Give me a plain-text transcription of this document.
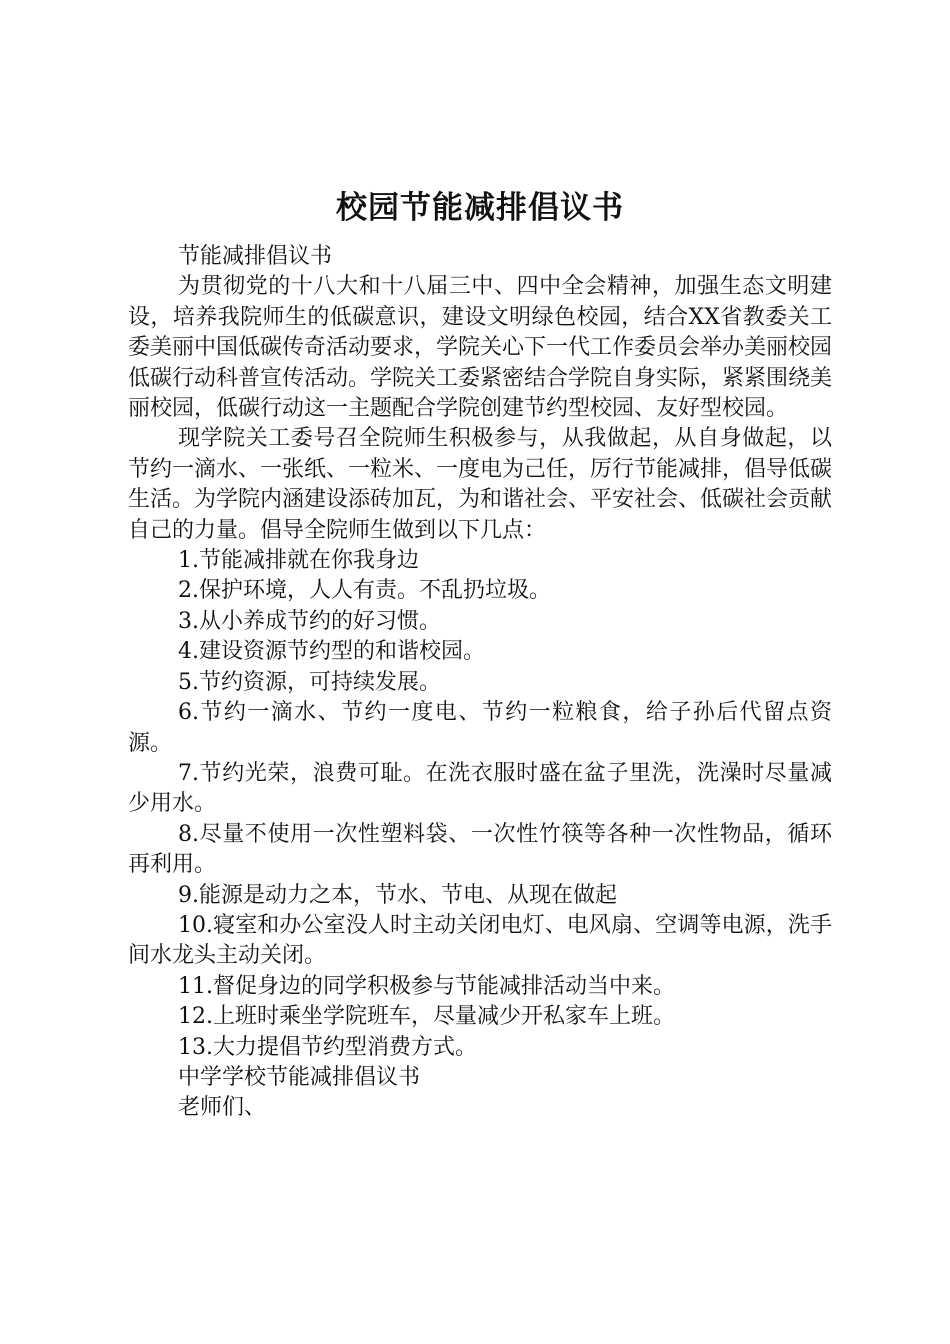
校园节能减排倡议书

节能减排倡议书

为贯彻党的十八大和十八届三中、四中全会精神，加强生态文明建设，培养我院师生的低碳意识，建设文明绿色校园，结合XX省教委关工委美丽中国低碳传奇活动要求，学院关心下一代工作委员会举办美丽校园低碳行动科普宣传活动。学院关工委紧密结合学院自身实际，紧紧围绕美丽校园，低碳行动这一主题配合学院创建节约型校园、友好型校园。

现学院关工委号召全院师生积极参与，从我做起，从自身做起，以节约一滴水、一张纸、一粒米、一度电为己任，厉行节能减排，倡导低碳生活。为学院内涵建设添砖加瓦，为和谐社会、平安社会、低碳社会贡献自己的力量。倡导全院师生做到以下几点：

1.节能减排就在你我身边

2.保护环境，人人有责。不乱扔垃圾。

3.从小养成节约的好习惯。

4.建设资源节约型的和谐校园。

5.节约资源，可持续发展。

6.节约一滴水、节约一度电、节约一粒粮食，给子孙后代留点资源。

7.节约光荣，浪费可耻。在洗衣服时盛在盆子里洗，洗澡时尽量减少用水。

8.尽量不使用一次性塑料袋、一次性竹筷等各种一次性物品，循环再利用。

9.能源是动力之本，节水、节电、从现在做起

10.寝室和办公室没人时主动关闭电灯、电风扇、空调等电源，洗手间水龙头主动关闭。

11.督促身边的同学积极参与节能减排活动当中来。

12.上班时乘坐学院班车，尽量减少开私家车上班。

13.大力提倡节约型消费方式。

中学学校节能减排倡议书

老师们、
